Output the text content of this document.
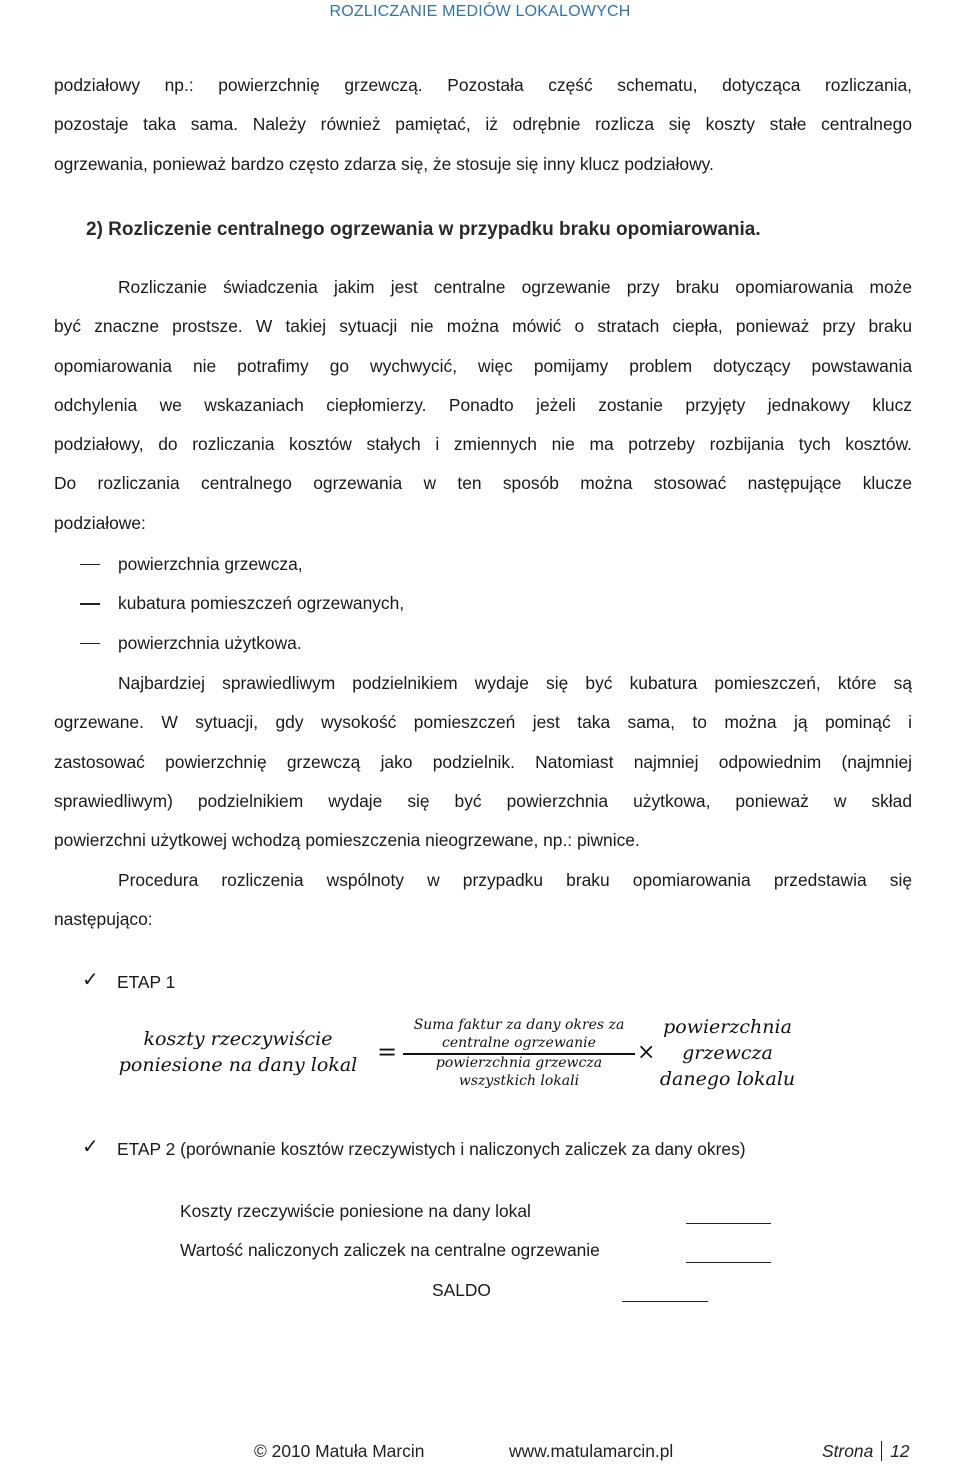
ROZLICZANIE MEDIÓW LOKALOWYCH
podziałowy np.: powierzchnię grzewczą. Pozostała część schematu, dotycząca rozliczania,
pozostaje taka sama. Należy również pamiętać, iż odrębnie rozlicza się koszty stałe centralnego
ogrzewania, ponieważ bardzo często zdarza się, że stosuje się inny klucz podziałowy.
2) Rozliczenie centralnego ogrzewania w przypadku braku opomiarowania.
Rozliczanie świadczenia jakim jest centralne ogrzewanie przy braku opomiarowania może
być znaczne prostsze. W takiej sytuacji nie można mówić o stratach ciepła, ponieważ przy braku
opomiarowania nie potrafimy go wychwycić, więc pomijamy problem dotyczący powstawania
odchylenia we wskazaniach ciepłomierzy. Ponadto jeżeli zostanie przyjęty jednakowy klucz
podziałowy, do rozliczania kosztów stałych i zmiennych nie ma potrzeby rozbijania tych kosztów.
Do rozliczania centralnego ogrzewania w ten sposób można stosować następujące klucze
podziałowe:
powierzchnia grzewcza,
kubatura pomieszczeń ogrzewanych,
powierzchnia użytkowa.
Najbardziej sprawiedliwym podzielnikiem wydaje się być kubatura pomieszczeń, które są
ogrzewane. W sytuacji, gdy wysokość pomieszczeń jest taka sama, to można ją pominąć i
zastosować powierzchnię grzewczą jako podzielnik. Natomiast najmniej odpowiednim (najmniej
sprawiedliwym) podzielnikiem wydaje się być powierzchnia użytkowa, ponieważ w skład
powierzchni użytkowej wchodzą pomieszczenia nieogrzewane, np.: piwnice.
Procedura rozliczenia wspólnoty w przypadku braku opomiarowania przedstawia się
następująco:
✓ ETAP 1
koszty rzeczywiście
poniesione na dany lokal =
Suma faktur za dany okres za
centralne ogrzewanie
powierzchnia grzewcza
wszystkich lokali
×
powierzchnia
grzewcza
danego lokalu
✓ ETAP 2 (porównanie kosztów rzeczywistych i naliczonych zaliczek za dany okres)
Koszty rzeczywiście poniesione na dany lokal
Wartość naliczonych zaliczek na centralne ogrzewanie
SALDO
© 2010 Matuła Marcin	www.matulamarcin.pl	Strona 12
